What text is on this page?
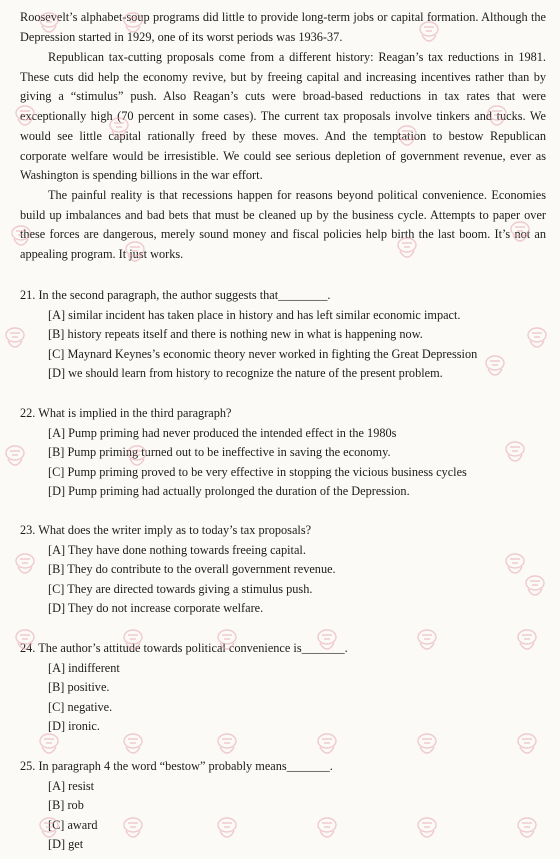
Roosevelt’s alphabet-soup programs did little to provide long-term jobs or capital formation. Although the Depression started in 1929, one of its worst periods was 1936-37.

Republican tax-cutting proposals come from a different history: Reagan’s tax reductions in 1981. These cuts did help the economy revive, but by freeing capital and increasing incentives rather than by giving a “stimulus” push. Also Reagan’s cuts were broad-based reductions in tax rates that were exceptionally high (70 percent in some cases). The current tax proposals involve tinkers and tucks. We would see little capital rationally freed by these moves. And the temptation to bestow Republican corporate welfare would be irresistible. We could see serious depletion of government revenue, ever as Washington is spending billions in the war effort.

The painful reality is that recessions happen for reasons beyond political convenience. Economies build up imbalances and bad bets that must be cleaned up by the business cycle. Attempts to paper over these forces are dangerous, merely sound money and fiscal policies help birth the last boom. It’s not an appealing program. It just works.

21. In the second paragraph, the author suggests that________.
[A] similar incident has taken place in history and has left similar economic impact.
[B] history repeats itself and there is nothing new in what is happening now.
[C] Maynard Keynes’s economic theory never worked in fighting the Great Depression
[D] we should learn from history to recognize the nature of the present problem.
22. What is implied in the third paragraph?
[A] Pump priming had never produced the intended effect in the 1980s
[B] Pump priming turned out to be ineffective in saving the economy.
[C] Pump priming proved to be very effective in stopping the vicious business cycles
[D] Pump priming had actually prolonged the duration of the Depression.
23. What does the writer imply as to today’s tax proposals?
[A] They have done nothing towards freeing capital.
[B] They do contribute to the overall government revenue.
[C] They are directed towards giving a stimulus push.
[D] They do not increase corporate welfare.
24. The author’s attitude towards political convenience is_______.
[A] indifferent
[B] positive.
[C] negative.
[D] ironic.
25. In paragraph 4 the word “bestow” probably means_______.
[A] resist
[B] rob
[C] award
[D] get
